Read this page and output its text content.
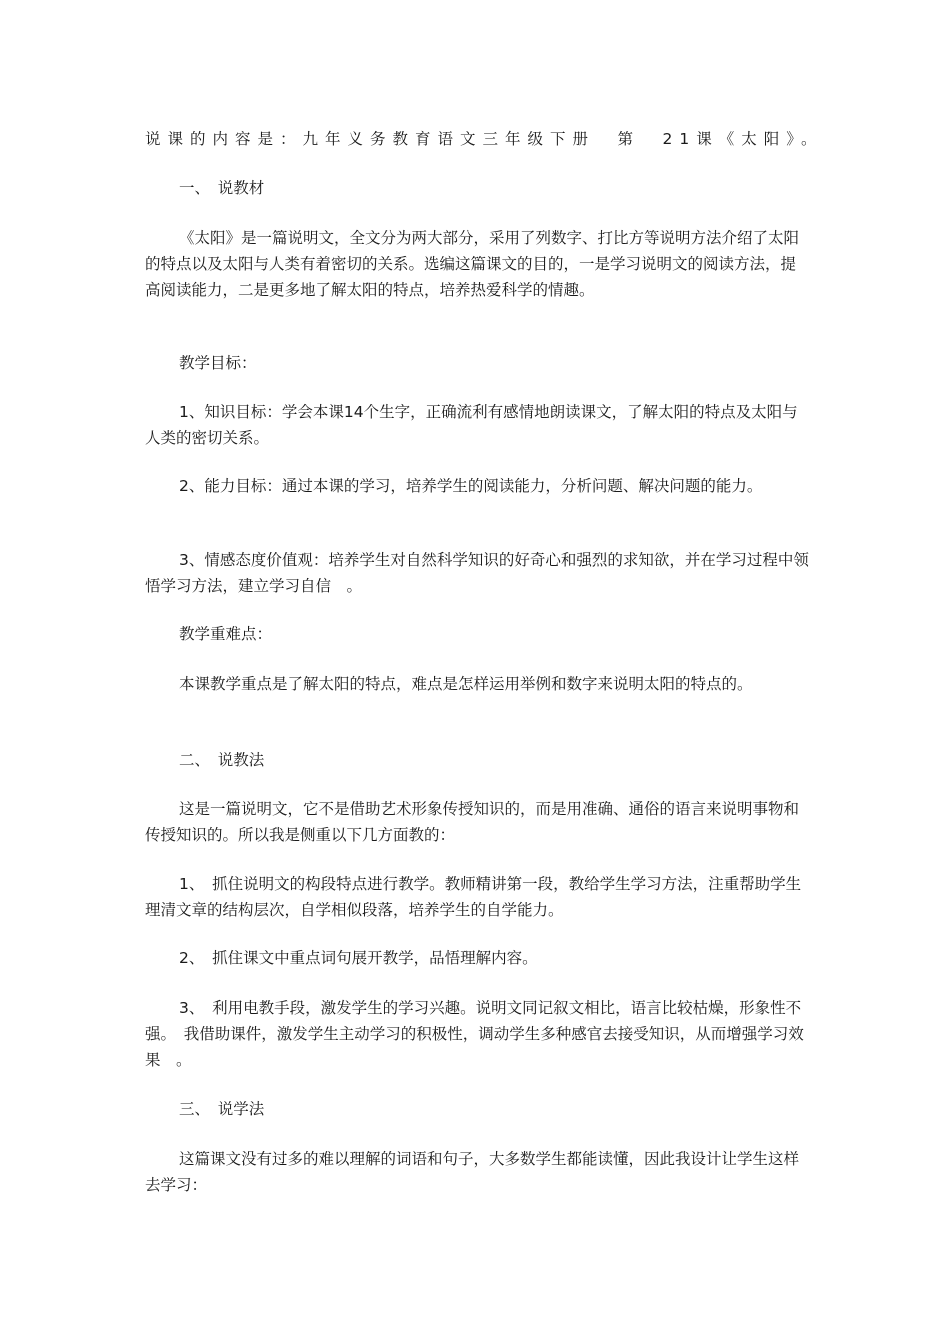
说课的内容是：九年义务教育语文三年级下册　第　21课《太阳》。

一、　说教材

《太阳》是一篇说明文，全文分为两大部分，采用了列数字、打比方等说明方法介绍了太阳的特点以及太阳与人类有着密切的关系。选编这篇课文的目的，一是学习说明文的阅读方法，提高阅读能力，二是更多地了解太阳的特点，培养热爱科学的情趣。

教学目标：

1、知识目标：学会本课14个生字，正确流利有感情地朗读课文，了解太阳的特点及太阳与人类的密切关系。

2、能力目标：通过本课的学习，培养学生的阅读能力，分析问题、解决问题的能力。

3、情感态度价值观：培养学生对自然科学知识的好奇心和强烈的求知欲，并在学习过程中领悟学习方法，建立学习自信　。

教学重难点：

本课教学重点是了解太阳的特点，难点是怎样运用举例和数字来说明太阳的特点的。

二、　说教法

这是一篇说明文，它不是借助艺术形象传授知识的，而是用准确、通俗的语言来说明事物和传授知识的。所以我是侧重以下几方面教的：

1、　抓住说明文的构段特点进行教学。教师精讲第一段，教给学生学习方法，注重帮助学生理清文章的结构层次，自学相似段落，培养学生的自学能力。

2、　抓住课文中重点词句展开教学，品悟理解内容。

3、　利用电教手段，激发学生的学习兴趣。说明文同记叙文相比，语言比较枯燥，形象性不强。　我借助课件，激发学生主动学习的积极性，调动学生多种感官去接受知识，从而增强学习效果　。

三、　说学法

这篇课文没有过多的难以理解的词语和句子，大多数学生都能读懂，因此我设计让学生这样去学习：
